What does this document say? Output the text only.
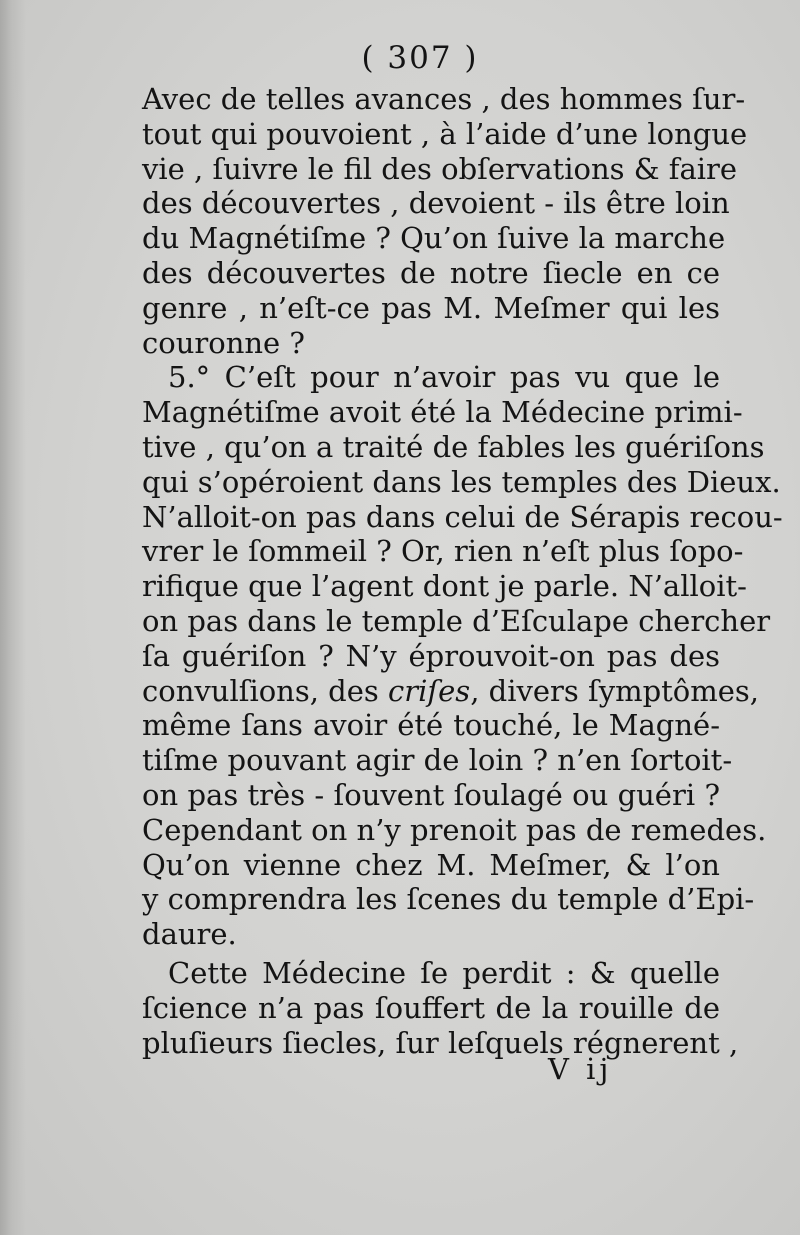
( 307 )
Avec de telles avances , des hommes ſur-
tout qui pouvoient , à l’aide d’une longue
vie , ſuivre le fil des obſervations & faire
des découvertes , devoient - ils être loin
du Magnétiſme ? Qu’on ſuive la marche
des découvertes de notre ſiecle en ce
genre , n’eſt-ce pas M. Meſmer qui les
couronne ?
5.° C’eſt pour n’avoir pas vu que le
Magnétiſme avoit été la Médecine primi-
tive , qu’on a traité de fables les guériſons
qui s’opéroient dans les temples des Dieux.
N’alloit-on pas dans celui de Sérapis recou-
vrer le ſommeil ? Or, rien n’eſt plus ſopo-
rifique que l’agent dont je parle. N’alloit-
on pas dans le temple d’Eſculape chercher
ſa guériſon ? N’y éprouvoit-on pas des
convulſions, des criſes, divers ſymptômes,
même ſans avoir été touché, le Magné-
tiſme pouvant agir de loin ? n’en ſortoit-
on pas très - ſouvent ſoulagé ou guéri ?
Cependant on n’y prenoit pas de remedes.
Qu’on vienne chez M. Meſmer, & l’on
y comprendra les ſcenes du temple d’Epi-
daure.
Cette Médecine ſe perdit : & quelle
ſcience n’a pas ſouffert de la rouille de
pluſieurs ſiecles, ſur leſquels régnerent ,
V ij
